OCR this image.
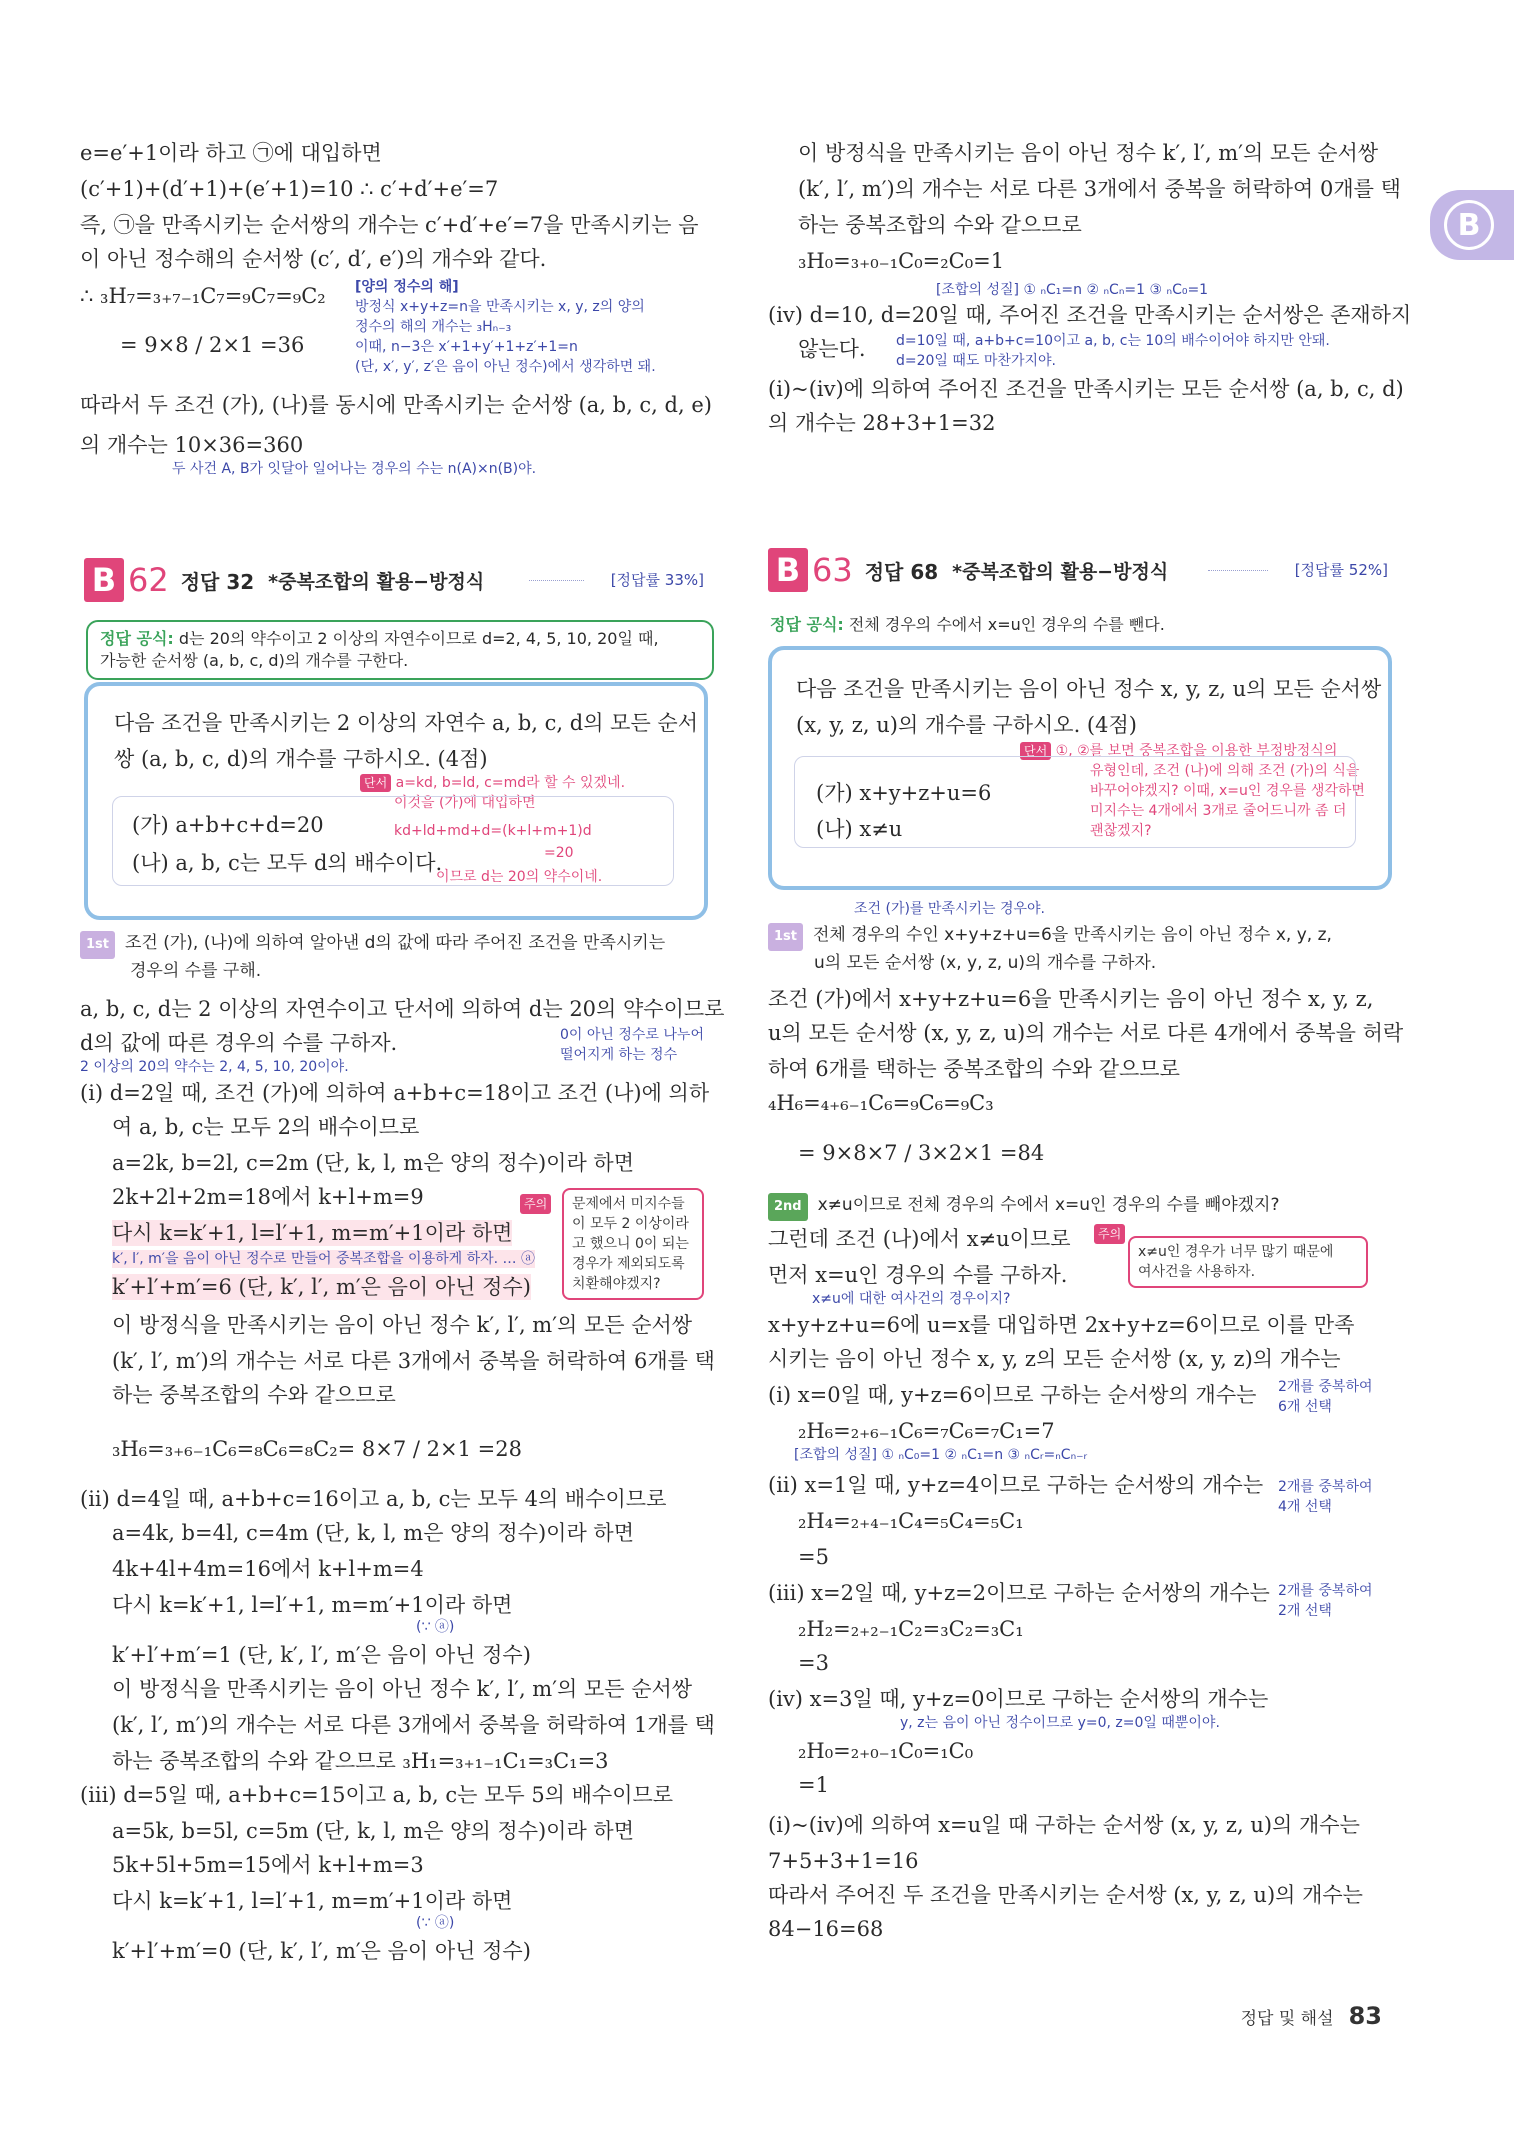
B
e=e′+1이라 하고 ㉠에 대입하면
(c′+1)+(d′+1)+(e′+1)=10 ∴ c′+d′+e′=7
즉, ㉠을 만족시키는 순서쌍의 개수는 c′+d′+e′=7을 만족시키는 음
이 아닌 정수해의 순서쌍 (c′, d′, e′)의 개수와 같다.
∴ ₃H₇=₃₊₇₋₁C₇=₉C₇=₉C₂
= 9×8 / 2×1 =36
따라서 두 조건 (가), (나)를 동시에 만족시키는 순서쌍 (a, b, c, d, e)
의 개수는 10×36=360
[양의 정수의 해]
방정식 x+y+z=n을 만족시키는 x, y, z의 양의
정수의 해의 개수는 ₃Hₙ₋₃
이때, n−3은 x′+1+y′+1+z′+1=n
(단, x′, y′, z′은 음이 아닌 정수)에서 생각하면 돼.
두 사건 A, B가 잇달아 일어나는 경우의 수는 n(A)×n(B)야.
이 방정식을 만족시키는 음이 아닌 정수 k′, l′, m′의 모든 순서쌍
(k′, l′, m′)의 개수는 서로 다른 3개에서 중복을 허락하여 0개를 택
하는 중복조합의 수와 같으므로
₃H₀=₃₊₀₋₁C₀=₂C₀=1
[조합의 성질] ① ₙC₁=n ② ₙCₙ=1 ③ ₙC₀=1
(iv) d=10, d=20일 때, 주어진 조건을 만족시키는 순서쌍은 존재하지
않는다. d=10일 때, a+b+c=10이고 a, b, c는 10의 배수이어야 하지만 안돼.
d=20일 때도 마찬가지야.
(i)~(iv)에 의하여 주어진 조건을 만족시키는 모든 순서쌍 (a, b, c, d)
의 개수는 28+3+1=32
B 62 정답 32 *중복조합의 활용−방정식	[정답률 33%]
정답 공식: d는 20의 약수이고 2 이상의 자연수이므로 d=2, 4, 5, 10, 20일 때,
가능한 순서쌍 (a, b, c, d)의 개수를 구한다.
다음 조건을 만족시키는 2 이상의 자연수 a, b, c, d의 모든 순서
쌍 (a, b, c, d)의 개수를 구하시오. (4점)
단서 a=kd, b=ld, c=md라 할 수 있겠네.
이것을 (가)에 대입하면
(가) a+b+c+d=20	kd+ld+md+d=(k+l+m+1)d
=20
(나) a, b, c는 모두 d의 배수이다.
이므로 d는 20의 약수이네.
1st 조건 (가), (나)에 의하여 알아낸 d의 값에 따라 주어진 조건을 만족시키는
경우의 수를 구해.
a, b, c, d는 2 이상의 자연수이고 단서에 의하여 d는 20의 약수이므로
d의 값에 따른 경우의 수를 구하자.	0이 아닌 정수로 나누어
떨어지게 하는 정수
2 이상의 20의 약수는 2, 4, 5, 10, 20이야.
(i) d=2일 때, 조건 (가)에 의하여 a+b+c=18이고 조건 (나)에 의하
여 a, b, c는 모두 2의 배수이므로
a=2k, b=2l, c=2m (단, k, l, m은 양의 정수)이라 하면
2k+2l+2m=18에서 k+l+m=9
다시 k=k′+1, l=l′+1, m=m′+1이라 하면
k′, l′, m′을 음이 아닌 정수로 만들어 중복조합을 이용하게 하자. … ⓐ
k′+l′+m′=6 (단, k′, l′, m′은 음이 아닌 정수)
주의 문제에서 미지수들
이 모두 2 이상이라
고 했으니 0이 되는
경우가 제외되도록
치환해야겠지?
이 방정식을 만족시키는 음이 아닌 정수 k′, l′, m′의 모든 순서쌍
(k′, l′, m′)의 개수는 서로 다른 3개에서 중복을 허락하여 6개를 택
하는 중복조합의 수와 같으므로
₃H₆=₃₊₆₋₁C₆=₈C₆=₈C₂= 8×7 / 2×1 =28
(ii) d=4일 때, a+b+c=16이고 a, b, c는 모두 4의 배수이므로
a=4k, b=4l, c=4m (단, k, l, m은 양의 정수)이라 하면
4k+4l+4m=16에서 k+l+m=4
다시 k=k′+1, l=l′+1, m=m′+1이라 하면
(∵ ⓐ)
k′+l′+m′=1 (단, k′, l′, m′은 음이 아닌 정수)
이 방정식을 만족시키는 음이 아닌 정수 k′, l′, m′의 모든 순서쌍
(k′, l′, m′)의 개수는 서로 다른 3개에서 중복을 허락하여 1개를 택
하는 중복조합의 수와 같으므로 ₃H₁=₃₊₁₋₁C₁=₃C₁=3
(iii) d=5일 때, a+b+c=15이고 a, b, c는 모두 5의 배수이므로
a=5k, b=5l, c=5m (단, k, l, m은 양의 정수)이라 하면
5k+5l+5m=15에서 k+l+m=3
다시 k=k′+1, l=l′+1, m=m′+1이라 하면
(∵ ⓐ)
k′+l′+m′=0 (단, k′, l′, m′은 음이 아닌 정수)
B 63 정답 68 *중복조합의 활용−방정식	[정답률 52%]
정답 공식: 전체 경우의 수에서 x=u인 경우의 수를 뺀다.
다음 조건을 만족시키는 음이 아닌 정수 x, y, z, u의 모든 순서쌍
(x, y, z, u)의 개수를 구하시오. (4점)
단서 ①, ②를 보면 중복조합을 이용한 부정방정식의
유형인데, 조건 (나)에 의해 조건 (가)의 식을
(가) x+y+z+u=6	바꾸어야겠지? 이때, x=u인 경우를 생각하면
미지수는 4개에서 3개로 줄어드니까 좀 더
(나) x≠u	괜찮겠지?
조건 (가)를 만족시키는 경우야.
1st 전체 경우의 수인 x+y+z+u=6을 만족시키는 음이 아닌 정수 x, y, z,
u의 모든 순서쌍 (x, y, z, u)의 개수를 구하자.
조건 (가)에서 x+y+z+u=6을 만족시키는 음이 아닌 정수 x, y, z,
u의 모든 순서쌍 (x, y, z, u)의 개수는 서로 다른 4개에서 중복을 허락
하여 6개를 택하는 중복조합의 수와 같으므로
₄H₆=₄₊₆₋₁C₆=₉C₆=₉C₃
= 9×8×7 / 3×2×1 =84
2nd x≠u이므로 전체 경우의 수에서 x=u인 경우의 수를 빼야겠지?
그런데 조건 (나)에서 x≠u이므로
먼저 x=u인 경우의 수를 구하자.
x≠u에 대한 여사건의 경우이지?
주의
x≠u인 경우가 너무 많기 때문에
여사건을 사용하자.
x+y+z+u=6에 u=x를 대입하면 2x+y+z=6이므로 이를 만족
시키는 음이 아닌 정수 x, y, z의 모든 순서쌍 (x, y, z)의 개수는
(i) x=0일 때, y+z=6이므로 구하는 순서쌍의 개수는 2개를 중복하여
6개 선택
₂H₆=₂₊₆₋₁C₆=₇C₆=₇C₁=7
[조합의 성질] ① ₙC₀=1 ② ₙC₁=n ③ ₙCᵣ=ₙCₙ₋ᵣ
(ii) x=1일 때, y+z=4이므로 구하는 순서쌍의 개수는 2개를 중복하여
4개 선택
₂H₄=₂₊₄₋₁C₄=₅C₄=₅C₁
=5
(iii) x=2일 때, y+z=2이므로 구하는 순서쌍의 개수는 2개를 중복하여
2개 선택
₂H₂=₂₊₂₋₁C₂=₃C₂=₃C₁
=3
(iv) x=3일 때, y+z=0이므로 구하는 순서쌍의 개수는
y, z는 음이 아닌 정수이므로 y=0, z=0일 때뿐이야.
₂H₀=₂₊₀₋₁C₀=₁C₀
=1
(i)~(iv)에 의하여 x=u일 때 구하는 순서쌍 (x, y, z, u)의 개수는
7+5+3+1=16
따라서 주어진 두 조건을 만족시키는 순서쌍 (x, y, z, u)의 개수는
84−16=68
정답 및 해설 83
